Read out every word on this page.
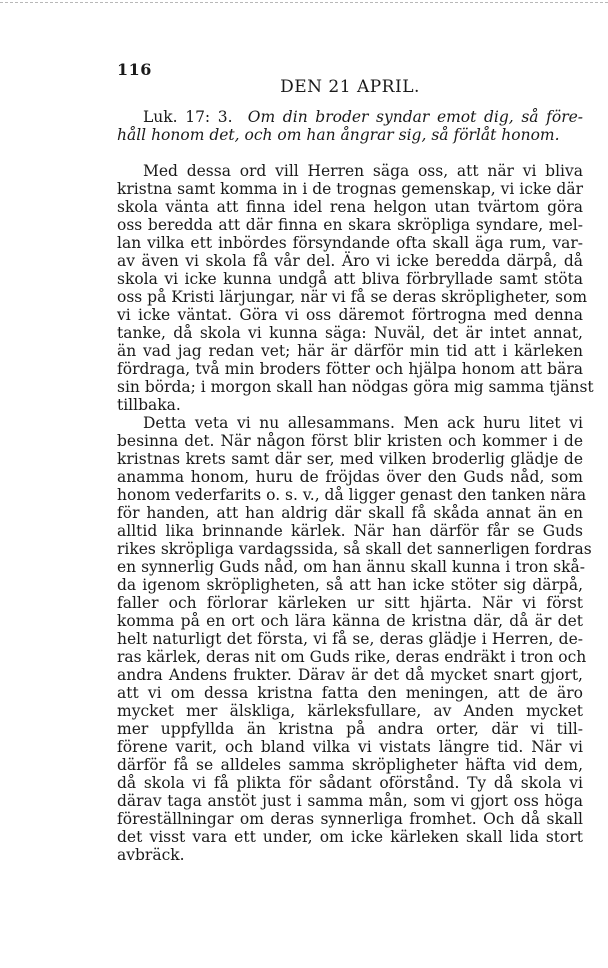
116
DEN 21 APRIL.
Luk. 17: 3. Om din broder syndar emot dig, så före-
håll honom det, och om han ångrar sig, så förlåt honom.
Med dessa ord vill Herren säga oss, att när vi bliva
kristna samt komma in i de trognas gemenskap, vi icke där
skola vänta att finna idel rena helgon utan tvärtom göra
oss beredda att där finna en skara skröpliga syndare, mel-
lan vilka ett inbördes försyndande ofta skall äga rum, var-
av även vi skola få vår del. Äro vi icke beredda därpå, då
skola vi icke kunna undgå att bliva förbryllade samt stöta
oss på Kristi lärjungar, när vi få se deras skröpligheter, som
vi icke väntat. Göra vi oss däremot förtrogna med denna
tanke, då skola vi kunna säga: Nuväl, det är intet annat,
än vad jag redan vet; här är därför min tid att i kärleken
fördraga, två min broders fötter och hjälpa honom att bära
sin börda; i morgon skall han nödgas göra mig samma tjänst
tillbaka.
Detta veta vi nu allesammans. Men ack huru litet vi
besinna det. När någon först blir kristen och kommer i de
kristnas krets samt där ser, med vilken broderlig glädje de
anamma honom, huru de fröjdas över den Guds nåd, som
honom vederfarits o. s. v., då ligger genast den tanken nära
för handen, att han aldrig där skall få skåda annat än en
alltid lika brinnande kärlek. När han därför får se Guds
rikes skröpliga vardagssida, så skall det sannerligen fordras
en synnerlig Guds nåd, om han ännu skall kunna i tron skå-
da igenom skröpligheten, så att han icke stöter sig därpå,
faller och förlorar kärleken ur sitt hjärta. När vi först
komma på en ort och lära känna de kristna där, då är det
helt naturligt det första, vi få se, deras glädje i Herren, de-
ras kärlek, deras nit om Guds rike, deras endräkt i tron och
andra Andens frukter. Därav är det då mycket snart gjort,
att vi om dessa kristna fatta den meningen, att de äro
mycket mer älskliga, kärleksfullare, av Anden mycket
mer uppfyllda än kristna på andra orter, där vi till-
förene varit, och bland vilka vi vistats längre tid. När vi
därför få se alldeles samma skröpligheter häfta vid dem,
då skola vi få plikta för sådant oförstånd. Ty då skola vi
därav taga anstöt just i samma mån, som vi gjort oss höga
föreställningar om deras synnerliga fromhet. Och då skall
det visst vara ett under, om icke kärleken skall lida stort
avbräck.
